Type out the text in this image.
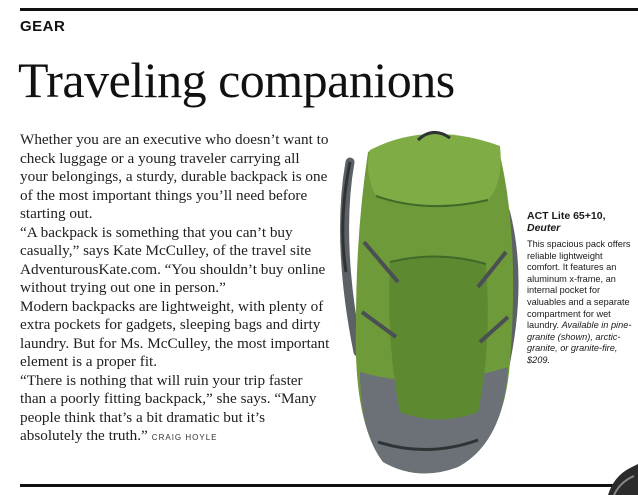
GEAR
Traveling companions

Whether you are an executive who doesn’t want to check luggage or a young traveler carrying all your belongings, a sturdy, durable backpack is one of the most important things you’ll need before starting out.

“A backpack is something that you can’t buy casually,” says Kate McCulley, of the travel site AdventurousKate.com. “You shouldn’t buy online without trying out one in person.”

Modern backpacks are lightweight, with plenty of extra pockets for gadgets, sleeping bags and dirty laundry. But for Ms. McCulley, the most important element is a proper fit.

“There is nothing that will ruin your trip faster than a poorly fitting backpack,” she says. “Many people think that’s a bit dramatic but it’s absolutely the truth.” CRAIG HOYLE

ACT Lite 65+10,
Deuter
This spacious pack offers reliable lightweight comfort. It features an aluminum x-frame, an internal pocket for valuables and a separate compartment for wet laundry. Available in pine-granite (shown), arctic-granite, or granite-fire, $209.
